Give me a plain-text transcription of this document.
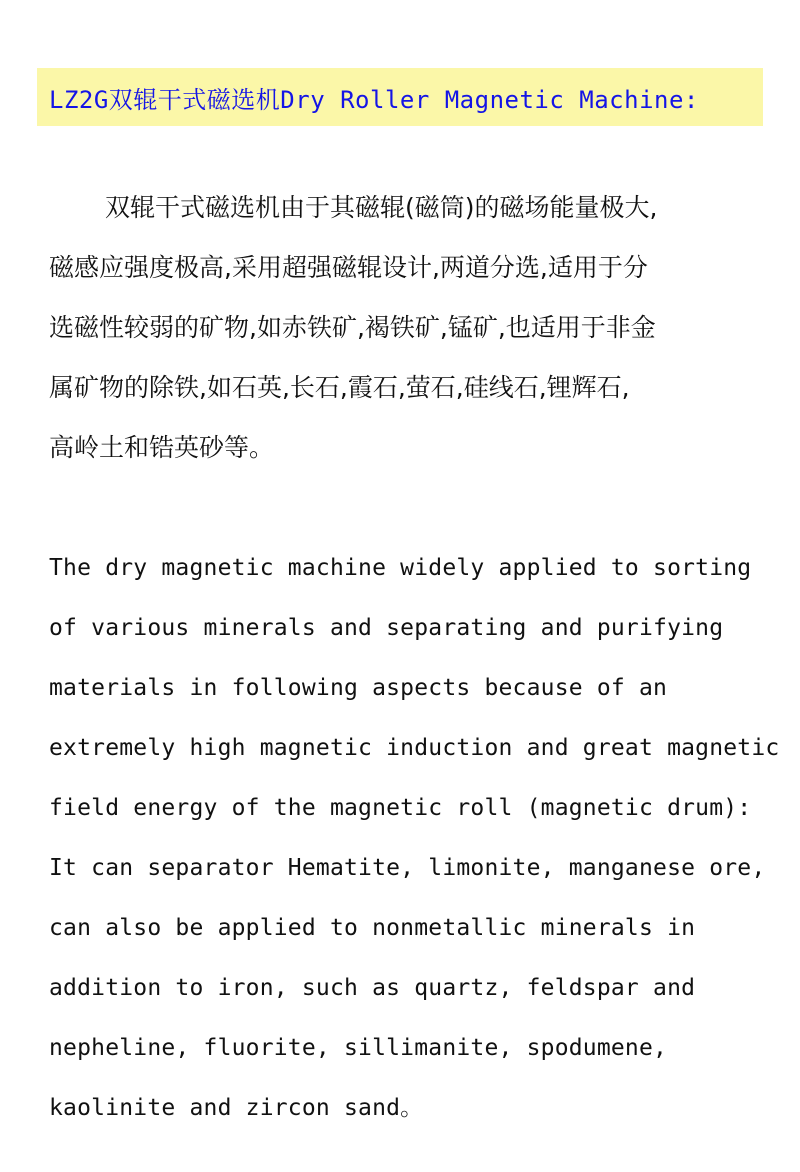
LZ2G双辊干式磁选机Dry Roller Magnetic Machine:
双辊干式磁选机由于其磁辊(磁筒)的磁场能量极大,
磁感应强度极高,采用超强磁辊设计,两道分选,适用于分
选磁性较弱的矿物,如赤铁矿,褐铁矿,锰矿,也适用于非金
属矿物的除铁,如石英,长石,霞石,萤石,硅线石,锂辉石,
高岭土和锆英砂等。
The dry magnetic machine widely applied to sorting
of various minerals and separating and purifying
materials in following aspects because of an
extremely high magnetic induction and great magnetic
field energy of the magnetic roll (magnetic drum):
It can separator Hematite, limonite, manganese ore,
can also be applied to nonmetallic minerals in
addition to iron, such as quartz, feldspar and
nepheline, fluorite, sillimanite, spodumene,
kaolinite and zircon sand。
